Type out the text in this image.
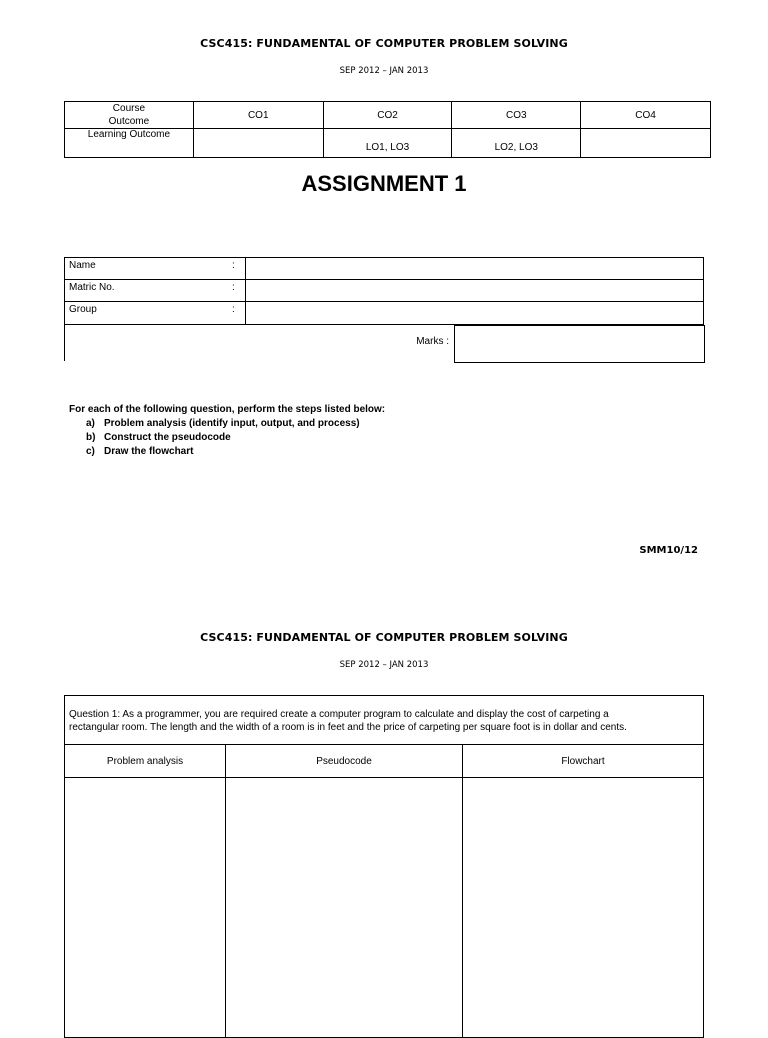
CSC415: FUNDAMENTAL OF COMPUTER PROBLEM SOLVING
SEP 2012 – JAN 2013
Course
Outcome	CO1	CO2	CO3	CO4
Learning Outcome		LO1, LO3	LO2, LO3	
ASSIGNMENT 1
Name	:	
Matric No.	:	
Group	:	
Marks :
For each of the following question, perform the steps listed below:
a) Problem analysis (identify input, output, and process)
b) Construct the pseudocode
c) Draw the flowchart
SMM10/12
CSC415: FUNDAMENTAL OF COMPUTER PROBLEM SOLVING
SEP 2012 – JAN 2013
Question 1: As a programmer, you are required create a computer program to calculate and display the cost of carpeting a
rectangular room. The length and the width of a room is in feet and the price of carpeting per square foot is in dollar and cents.		

Problem analysis	Pseudocode	Flowchart
